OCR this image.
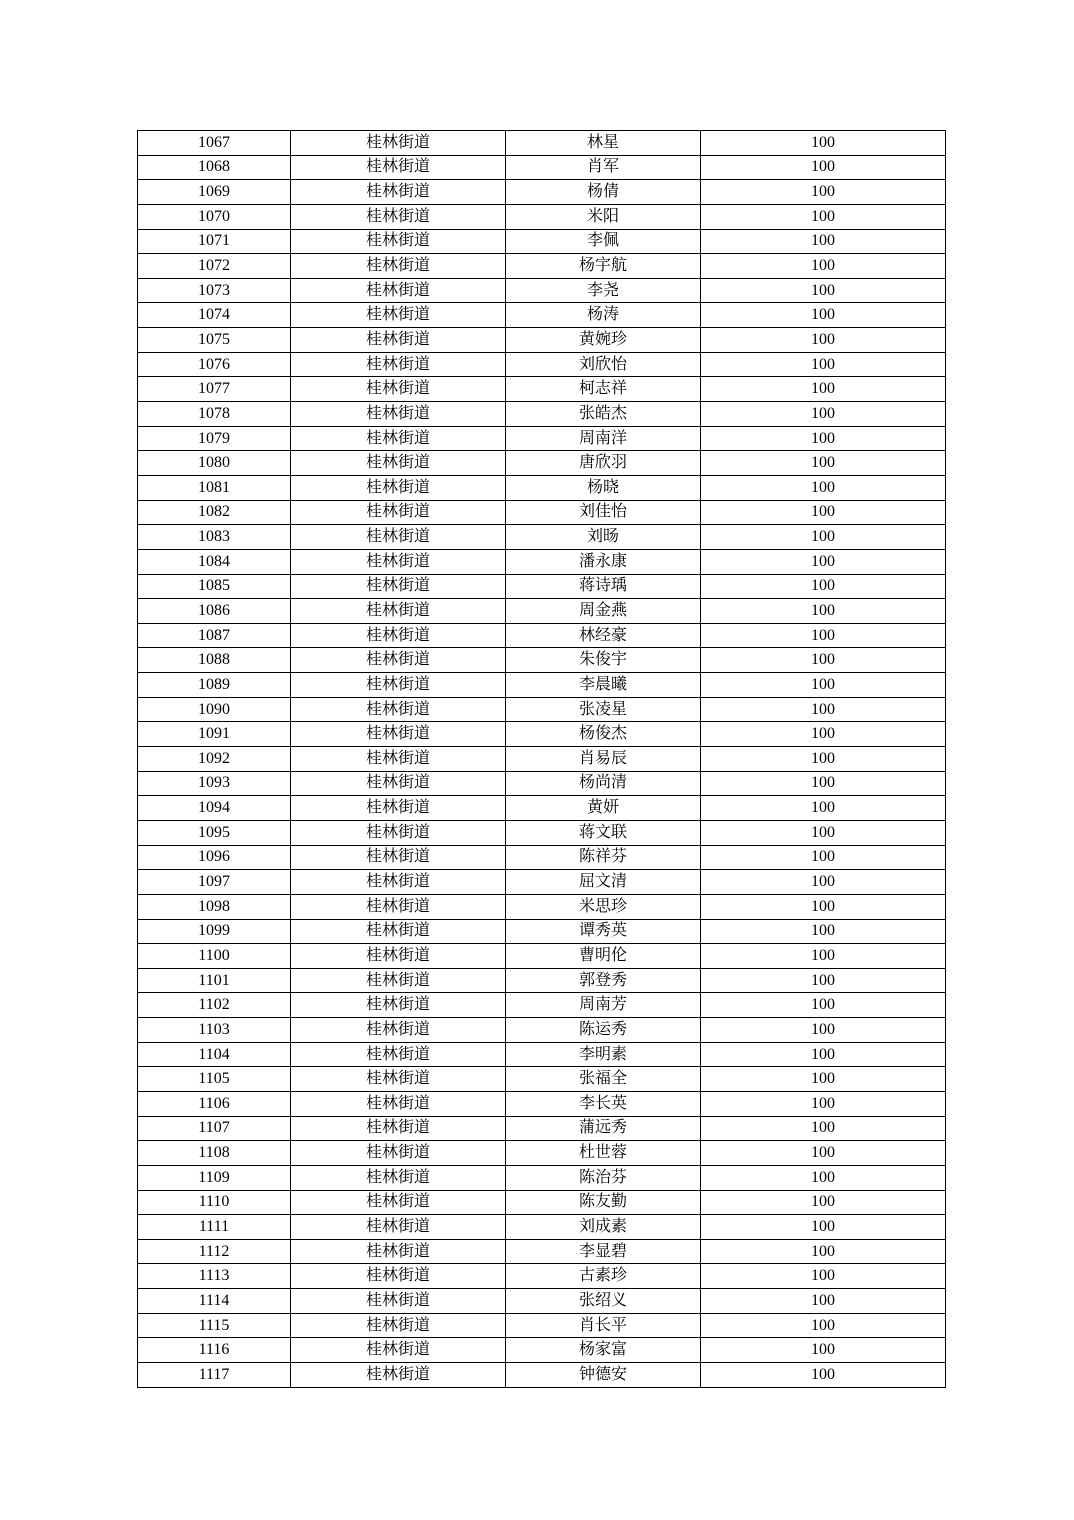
1067	桂林街道	林星	100
1068	桂林街道	肖军	100
1069	桂林街道	杨倩	100
1070	桂林街道	米阳	100
1071	桂林街道	李佩	100
1072	桂林街道	杨宇航	100
1073	桂林街道	李尧	100
1074	桂林街道	杨涛	100
1075	桂林街道	黄婉珍	100
1076	桂林街道	刘欣怡	100
1077	桂林街道	柯志祥	100
1078	桂林街道	张皓杰	100
1079	桂林街道	周南洋	100
1080	桂林街道	唐欣羽	100
1081	桂林街道	杨晓	100
1082	桂林街道	刘佳怡	100
1083	桂林街道	刘旸	100
1084	桂林街道	潘永康	100
1085	桂林街道	蒋诗瑀	100
1086	桂林街道	周金燕	100
1087	桂林街道	林经豪	100
1088	桂林街道	朱俊宇	100
1089	桂林街道	李晨曦	100
1090	桂林街道	张凌星	100
1091	桂林街道	杨俊杰	100
1092	桂林街道	肖易辰	100
1093	桂林街道	杨尚清	100
1094	桂林街道	黄妍	100
1095	桂林街道	蒋文联	100
1096	桂林街道	陈祥芬	100
1097	桂林街道	屈文清	100
1098	桂林街道	米思珍	100
1099	桂林街道	谭秀英	100
1100	桂林街道	曹明伦	100
1101	桂林街道	郭登秀	100
1102	桂林街道	周南芳	100
1103	桂林街道	陈运秀	100
1104	桂林街道	李明素	100
1105	桂林街道	张福全	100
1106	桂林街道	李长英	100
1107	桂林街道	蒲远秀	100
1108	桂林街道	杜世蓉	100
1109	桂林街道	陈治芬	100
1110	桂林街道	陈友勤	100
1111	桂林街道	刘成素	100
1112	桂林街道	李显碧	100
1113	桂林街道	古素珍	100
1114	桂林街道	张绍义	100
1115	桂林街道	肖长平	100
1116	桂林街道	杨家富	100
1117	桂林街道	钟德安	100
